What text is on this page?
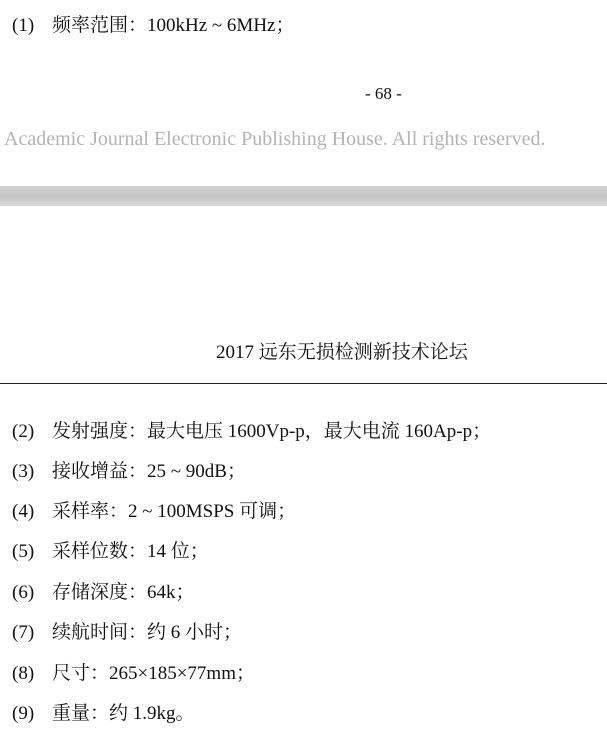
(1) 频率范围：100kHz ~ 6MHz；
- 68 -
Academic Journal Electronic Publishing House. All rights reserved.
2017 远东无损检测新技术论坛
(2) 发射强度：最大电压 1600Vp-p，最大电流 160Ap-p；
(3) 接收增益：25 ~ 90dB；
(4) 采样率：2 ~ 100MSPS 可调；
(5) 采样位数：14 位；
(6) 存储深度：64k；
(7) 续航时间：约 6 小时；
(8) 尺寸：265×185×77mm；
(9) 重量：约 1.9kg。
